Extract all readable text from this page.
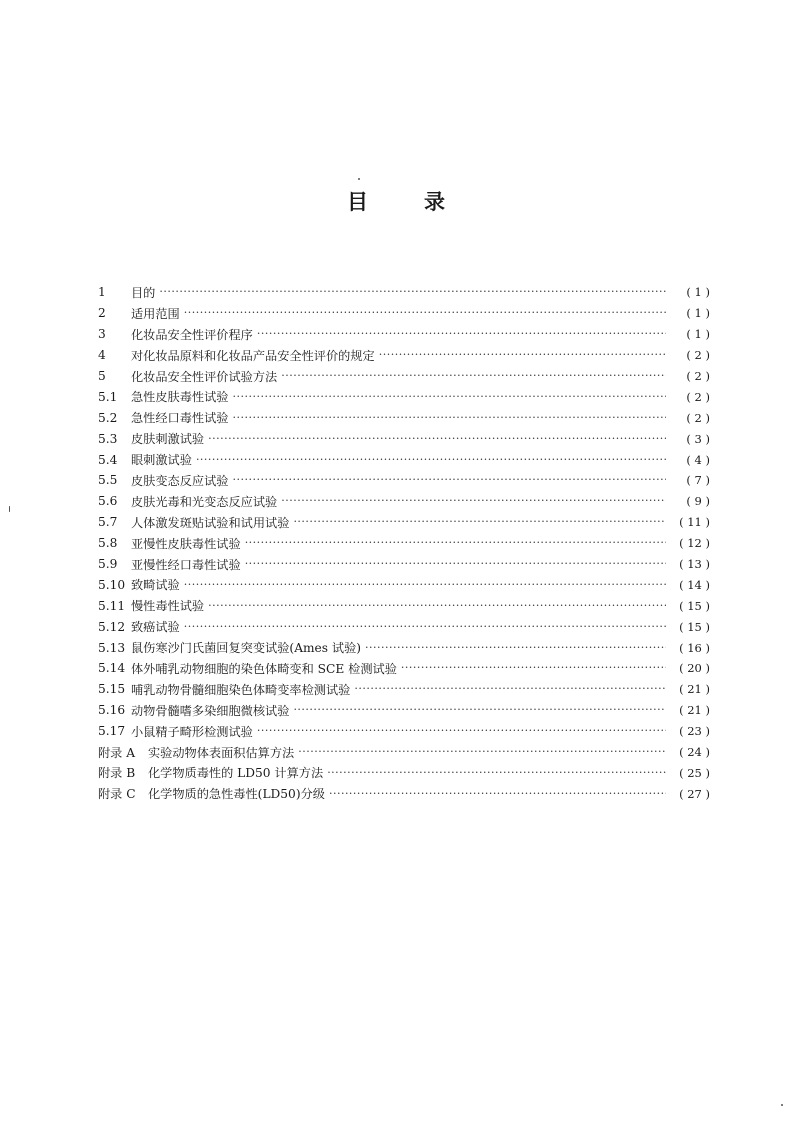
目	录
1	目的 ·····	( 1 )
2	适用范围 ·····	( 1 )
3	化妆品安全性评价程序 ·····	( 1 )
4	对化妆品原料和化妆品产品安全性评价的规定 ·····	( 2 )
5	化妆品安全性评价试验方法 ·····	( 2 )
5.1	急性皮肤毒性试验 ·····	( 2 )
5.2	急性经口毒性试验 ·····	( 2 )
5.3	皮肤刺激试验 ·····	( 3 )
5.4	眼刺激试验 ·····	( 4 )
5.5	皮肤变态反应试验 ·····	( 7 )
5.6	皮肤光毒和光变态反应试验 ·····	( 9 )
5.7	人体激发斑贴试验和试用试验 ·····	( 11 )
5.8	亚慢性皮肤毒性试验 ·····	( 12 )
5.9	亚慢性经口毒性试验 ·····	( 13 )
5.10 致畸试验 ·····	( 14 )
5.11 慢性毒性试验 ·····	( 15 )
5.12 致癌试验 ·····	( 15 )
5.13 鼠伤寒沙门氏菌回复突变试验(Ames 试验) ·····	( 16 )
5.14 体外哺乳动物细胞的染色体畸变和 SCE 检测试验 ·····	( 20 )
5.15 哺乳动物骨髓细胞染色体畸变率检测试验 ·····	( 21 )
5.16 动物骨髓嗜多染细胞微核试验 ·····	( 21 )
5.17 小鼠精子畸形检测试验 ·····	( 23 )
附录 A	实验动物体表面积估算方法 ·····	( 24 )
附录 B	化学物质毒性的 LD50 计算方法 ·····	( 25 )
附录 C	化学物质的急性毒性(LD50)分级 ·····	( 27 )
